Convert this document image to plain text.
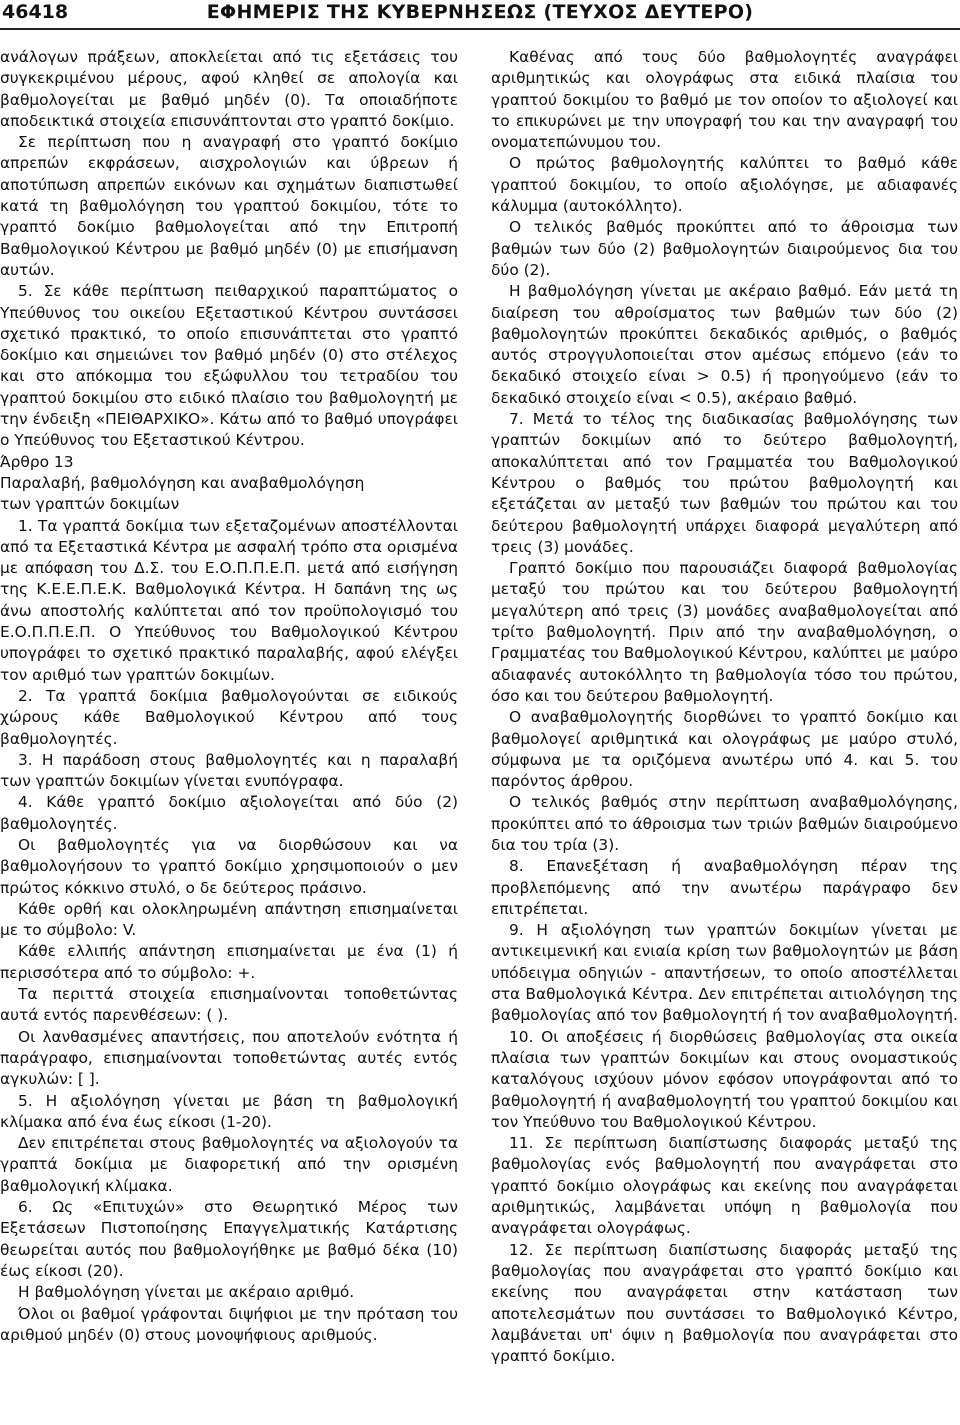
46418	ΕΦΗΜΕΡΙΣ ΤΗΣ ΚΥΒΕΡΝΗΣΕΩΣ (ΤΕΥΧΟΣ ΔΕΥΤΕΡΟ)

ανάλογων πράξεων, αποκλείεται από τις εξετάσεις του συγκεκριμένου μέρους, αφού κληθεί σε απολογία και βαθμολογείται με βαθμό μηδέν (0). Τα οποιαδήποτε αποδεικτικά στοιχεία επισυνάπτονται στο γραπτό δοκίμιο.

Σε περίπτωση που η αναγραφή στο γραπτό δοκίμιο απρεπών εκφράσεων, αισχρολογιών και ύβρεων ή αποτύπωση απρεπών εικόνων και σχημάτων διαπιστωθεί κατά τη βαθμολόγηση του γραπτού δοκιμίου, τότε το γραπτό δοκίμιο βαθμολογείται από την Επιτροπή Βαθμολογικού Κέντρου με βαθμό μηδέν (0) με επισήμανση αυτών.

5. Σε κάθε περίπτωση πειθαρχικού παραπτώματος ο Υπεύθυνος του οικείου Εξεταστικού Κέντρου συντάσσει σχετικό πρακτικό, το οποίο επισυνάπτεται στο γραπτό δοκίμιο και σημειώνει τον βαθμό μηδέν (0) στο στέλεχος και στο απόκομμα του εξώφυλλου του τετραδίου του γραπτού δοκιμίου στο ειδικό πλαίσιο του βαθμολογητή με την ένδειξη «ΠΕΙΘΑΡΧΙΚΟ». Κάτω από το βαθμό υπογράφει ο Υπεύθυνος του Εξεταστικού Κέντρου.

Άρθρο 13

Παραλαβή, βαθμολόγηση και αναβαθμολόγηση
των γραπτών δοκιμίων

1. Τα γραπτά δοκίμια των εξεταζομένων αποστέλλονται από τα Εξεταστικά Κέντρα με ασφαλή τρόπο στα ορισμένα με απόφαση του Δ.Σ. του Ε.Ο.Π.Π.Ε.Π. μετά από εισήγηση της Κ.Ε.Ε.Π.Ε.Κ. Βαθμολογικά Κέντρα. Η δαπάνη της ως άνω αποστολής καλύπτεται από τον προϋπολογισμό του Ε.Ο.Π.Π.Ε.Π. Ο Υπεύθυνος του Βαθμολογικού Κέντρου υπογράφει το σχετικό πρακτικό παραλαβής, αφού ελέγξει τον αριθμό των γραπτών δοκιμίων.

2. Τα γραπτά δοκίμια βαθμολογούνται σε ειδικούς χώρους κάθε Βαθμολογικού Κέντρου από τους βαθμολογητές.

3. Η παράδοση στους βαθμολογητές και η παραλαβή των γραπτών δοκιμίων γίνεται ενυπόγραφα.

4. Κάθε γραπτό δοκίμιο αξιολογείται από δύο (2) βαθμολογητές.

Οι βαθμολογητές για να διορθώσουν και να βαθμολογήσουν το γραπτό δοκίμιο χρησιμοποιούν ο μεν πρώτος κόκκινο στυλό, ο δε δεύτερος πράσινο.

Κάθε ορθή και ολοκληρωμένη απάντηση επισημαίνεται με το σύμβολο: V.

Κάθε ελλιπής απάντηση επισημαίνεται με ένα (1) ή περισσότερα από το σύμβολο: +.

Τα περιττά στοιχεία επισημαίνονται τοποθετώντας αυτά εντός παρενθέσεων: ( ).

Οι λανθασμένες απαντήσεις, που αποτελούν ενότητα ή παράγραφο, επισημαίνονται τοποθετώντας αυτές εντός αγκυλών: [ ].

5. Η αξιολόγηση γίνεται με βάση τη βαθμολογική κλίμακα από ένα έως είκοσι (1-20).

Δεν επιτρέπεται στους βαθμολογητές να αξιολογούν τα γραπτά δοκίμια με διαφορετική από την ορισμένη βαθμολογική κλίμακα.

6. Ως «Επιτυχών» στο Θεωρητικό Μέρος των Εξετάσεων Πιστοποίησης Επαγγελματικής Κατάρτισης θεωρείται αυτός που βαθμολογήθηκε με βαθμό δέκα (10) έως είκοσι (20).

Η βαθμολόγηση γίνεται με ακέραιο αριθμό.

Όλοι οι βαθμοί γράφονται διψήφιοι με την πρόταση του αριθμού μηδέν (0) στους μονοψήφιους αριθμούς.

Καθένας από τους δύο βαθμολογητές αναγράφει αριθμητικώς και ολογράφως στα ειδικά πλαίσια του γραπτού δοκιμίου το βαθμό με τον οποίον το αξιολογεί και το επικυρώνει με την υπογραφή του και την αναγραφή του ονοματεπώνυμου του.

Ο πρώτος βαθμολογητής καλύπτει το βαθμό κάθε γραπτού δοκιμίου, το οποίο αξιολόγησε, με αδιαφανές κάλυμμα (αυτοκόλλητο).

Ο τελικός βαθμός προκύπτει από το άθροισμα των βαθμών των δύο (2) βαθμολογητών διαιρούμενος δια του δύο (2).

Η βαθμολόγηση γίνεται με ακέραιο βαθμό. Εάν μετά τη διαίρεση του αθροίσματος των βαθμών των δύο (2) βαθμολογητών προκύπτει δεκαδικός αριθμός, ο βαθμός αυτός στρογγυλοποιείται στον αμέσως επόμενο (εάν το δεκαδικό στοιχείο είναι > 0.5) ή προηγούμενο (εάν το δεκαδικό στοιχείο είναι < 0.5), ακέραιο βαθμό.

7. Μετά το τέλος της διαδικασίας βαθμολόγησης των γραπτών δοκιμίων από το δεύτερο βαθμολογητή, αποκαλύπτεται από τον Γραμματέα του Βαθμολογικού Κέντρου ο βαθμός του πρώτου βαθμολογητή και εξετάζεται αν μεταξύ των βαθμών του πρώτου και του δεύτερου βαθμολογητή υπάρχει διαφορά μεγαλύτερη από τρεις (3) μονάδες.

Γραπτό δοκίμιο που παρουσιάζει διαφορά βαθμολογίας μεταξύ του πρώτου και του δεύτερου βαθμολογητή μεγαλύτερη από τρεις (3) μονάδες αναβαθμολογείται από τρίτο βαθμολογητή. Πριν από την αναβαθμολόγηση, ο Γραμματέας του Βαθμολογικού Κέντρου, καλύπτει με μαύρο αδιαφανές αυτοκόλλητο τη βαθμολογία τόσο του πρώτου, όσο και του δεύτερου βαθμολογητή.

Ο αναβαθμολογητής διορθώνει το γραπτό δοκίμιο και βαθμολογεί αριθμητικά και ολογράφως με μαύρο στυλό, σύμφωνα με τα οριζόμενα ανωτέρω υπό 4. και 5. του παρόντος άρθρου.

Ο τελικός βαθμός στην περίπτωση αναβαθμολόγησης, προκύπτει από το άθροισμα των τριών βαθμών διαιρούμενο δια του τρία (3).

8. Επανεξέταση ή αναβαθμολόγηση πέραν της προβλεπόμενης από την ανωτέρω παράγραφο δεν επιτρέπεται.

9. Η αξιολόγηση των γραπτών δοκιμίων γίνεται με αντικειμενική και ενιαία κρίση των βαθμολογητών με βάση υπόδειγμα οδηγιών - απαντήσεων, το οποίο αποστέλλεται στα Βαθμολογικά Κέντρα. Δεν επιτρέπεται αιτιολόγηση της βαθμολογίας από τον βαθμολογητή ή τον αναβαθμολογητή.

10. Οι αποξέσεις ή διορθώσεις βαθμολογίας στα οικεία πλαίσια των γραπτών δοκιμίων και στους ονομαστικούς καταλόγους ισχύουν μόνον εφόσον υπογράφονται από το βαθμολογητή ή αναβαθμολογητή του γραπτού δοκιμίου και τον Υπεύθυνο του Βαθμολογικού Κέντρου.

11. Σε περίπτωση διαπίστωσης διαφοράς μεταξύ της βαθμολογίας ενός βαθμολογητή που αναγράφεται στο γραπτό δοκίμιο ολογράφως και εκείνης που αναγράφεται αριθμητικώς, λαμβάνεται υπόψη η βαθμολογία που αναγράφεται ολογράφως.

12. Σε περίπτωση διαπίστωσης διαφοράς μεταξύ της βαθμολογίας που αναγράφεται στο γραπτό δοκίμιο και εκείνης που αναγράφεται στην κατάσταση των αποτελεσμάτων που συντάσσει το Βαθμολογικό Κέντρο, λαμβάνεται υπ' όψιν η βαθμολογία που αναγράφεται στο γραπτό δοκίμιο.
